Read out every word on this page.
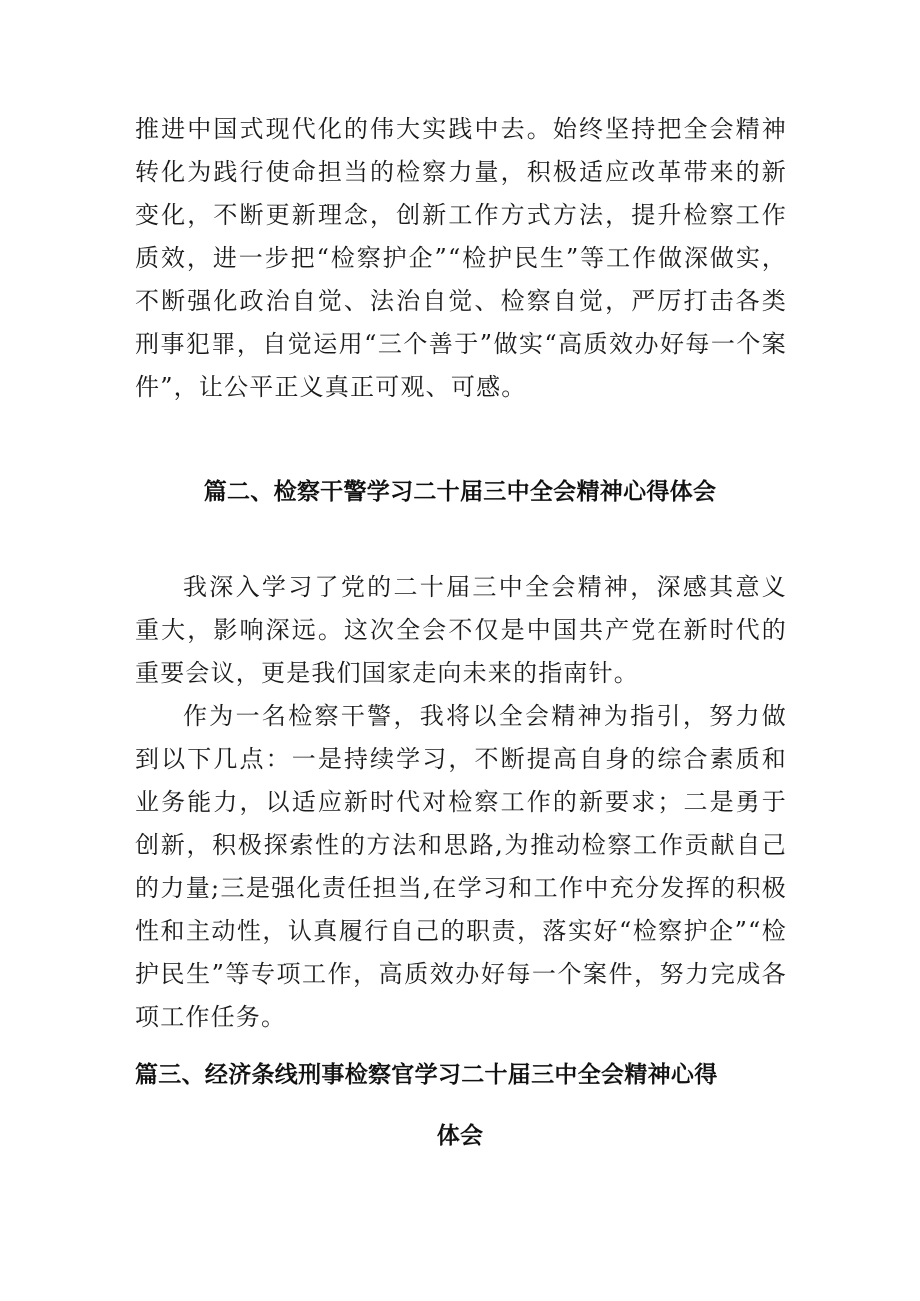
推进中国式现代化的伟大实践中去。始终坚持把全会精神转化为践行使命担当的检察力量，积极适应改革带来的新变化，不断更新理念，创新工作方式方法，提升检察工作质效，进一步把“检察护企”“检护民生”等工作做深做实，不断强化政治自觉、法治自觉、检察自觉，严厉打击各类刑事犯罪，自觉运用“三个善于”做实“高质效办好每一个案件”，让公平正义真正可观、可感。

篇二、检察干警学习二十届三中全会精神心得体会

我深入学习了党的二十届三中全会精神，深感其意义重大，影响深远。这次全会不仅是中国共产党在新时代的重要会议，更是我们国家走向未来的指南针。

作为一名检察干警，我将以全会精神为指引，努力做到以下几点：一是持续学习，不断提高自身的综合素质和业务能力，以适应新时代对检察工作的新要求；二是勇于创新，积极探索性的方法和思路,为推动检察工作贡献自己的力量;三是强化责任担当,在学习和工作中充分发挥的积极性和主动性，认真履行自己的职责，落实好“检察护企”“检护民生”等专项工作，高质效办好每一个案件，努力完成各项工作任务。

篇三、经济条线刑事检察官学习二十届三中全会精神心得
体会
